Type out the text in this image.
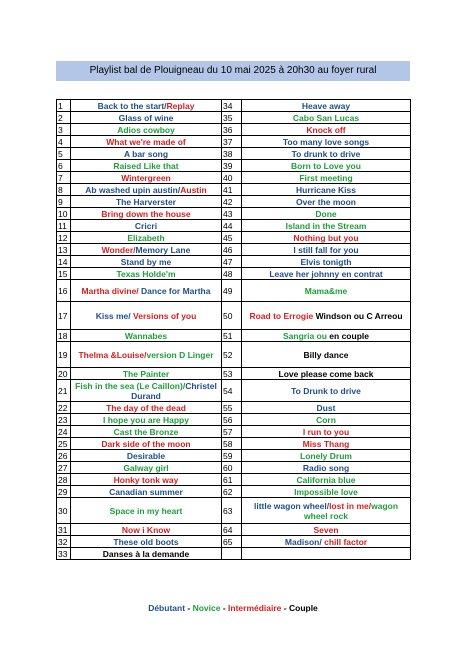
Playlist bal de Plouigneau du 10 mai 2025 à 20h30 au foyer rural
1	Back to the start/Replay	34	Heave away
2	Glass of wine	35	Cabo San Lucas
3	Adios cowboy	36	Knock off
4	What we're made of	37	Too many love songs
5	A bar song	38	To drunk to drive
6	Raised Like that	39	Born to Love you
7	Wintergreen	40	First meeting
8	Ab washed upin austin/Austin	41	Hurricane Kiss
9	The Harverster	42	Over the moon
10	Bring down the house	43	Done
11	Cricri	44	Island in the Stream
12	Elizabeth	45	Nothing but you
13	Wonder/Memory Lane	46	I still fall for you
14	Stand by me	47	Elvis tonigth
15	Texas Holde'm	48	Leave her johnny en contrat
16	Martha divine/ Dance for Martha	49	Mama&me
17	Kiss me/ Versions of you	50	Road to Errogie Windson ou C Arreou
18	Wannabes	51	Sangria ou en couple
19	Thelma &Louise/version D Linger	52	Billy dance
20	The Painter	53	Love please come back
21	Fish in the sea (Le Caillon)/Christel Durand	54	To Drunk to drive
22	The day of the dead	55	Dust
23	I hope you are Happy	56	Corn
24	Cast the Bronze	57	I run to you
25	Dark side of the moon	58	Miss Thang
26	Desirable	59	Lonely Drum
27	Galway girl	60	Radio song
28	Honky tonk way	61	California blue
29	Canadian summer	62	Impossible love
30	Space in my heart	63	little wagon wheel/lost in me/wagon wheel rock
31	Now i Know	64	Seven
32	These old boots	65	Madison/ chill factor
33	Danses à la demande		
Débutant - Novice - Intermédiaire - Couple
